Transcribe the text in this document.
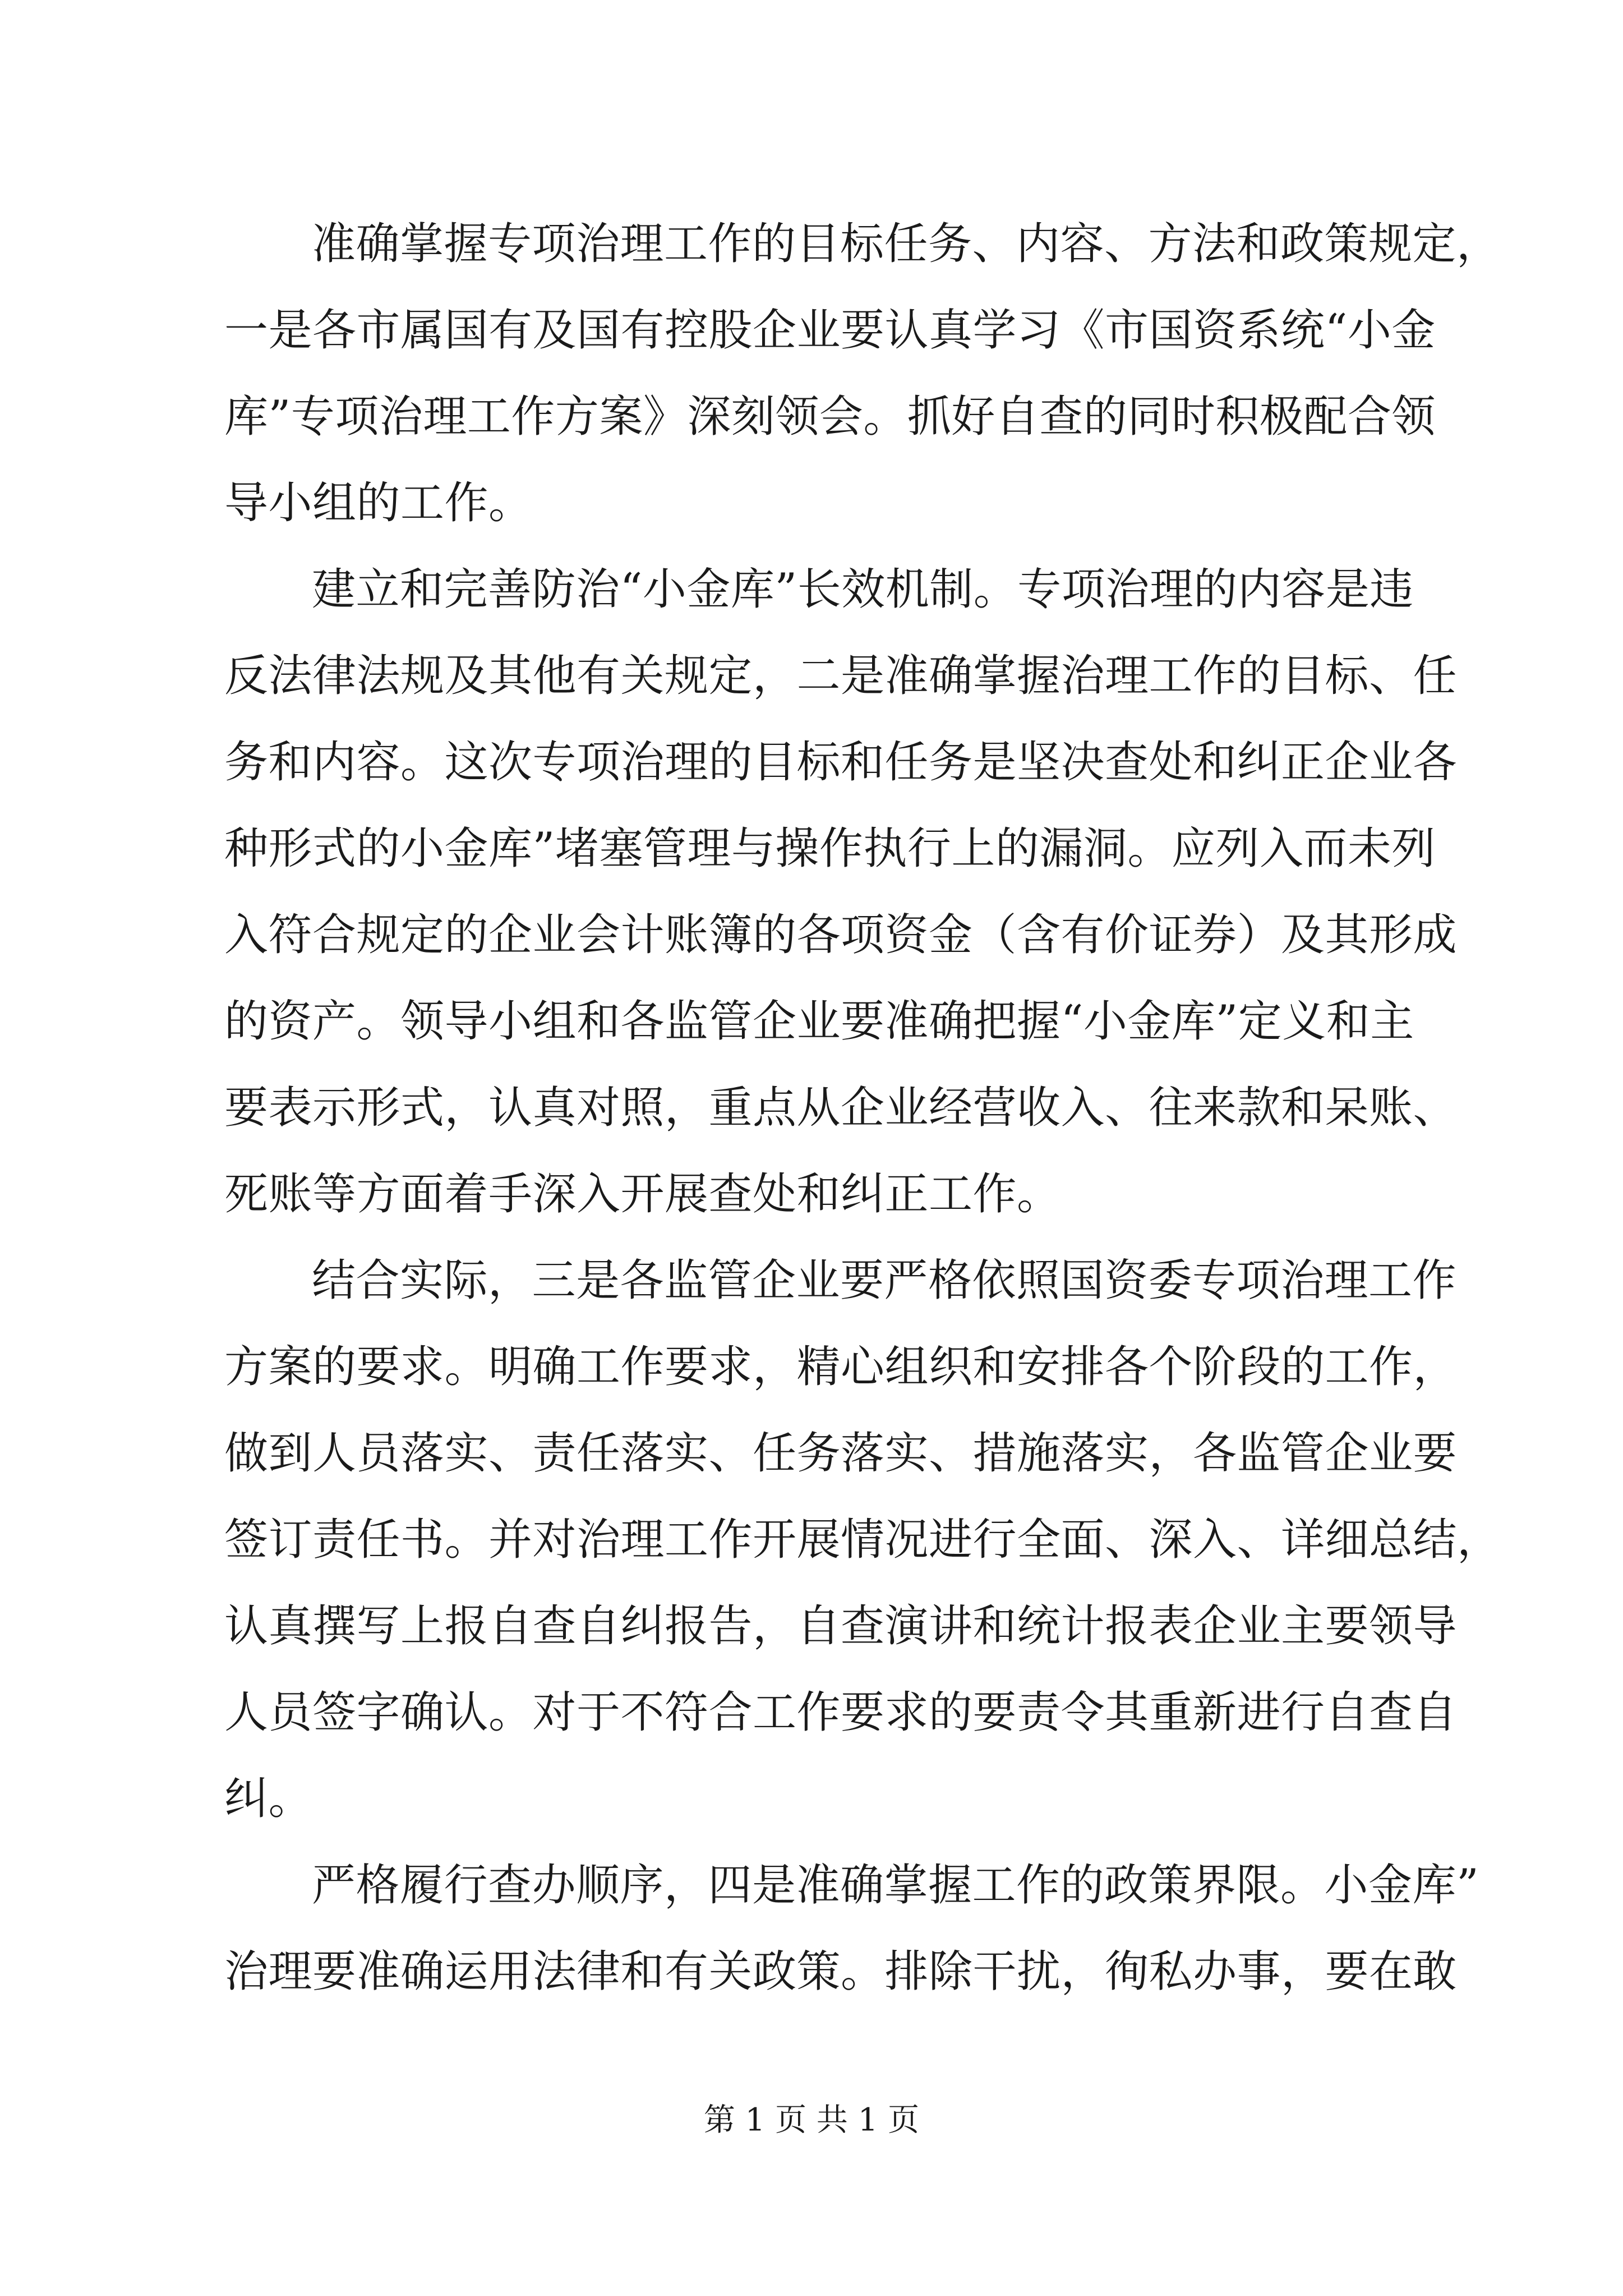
准确掌握专项治理工作的目标任务、内容、方法和政策规定，
一是各市属国有及国有控股企业要认真学习《市国资系统“小金
库”专项治理工作方案》深刻领会。抓好自查的同时积极配合领
导小组的工作。
建立和完善防治“小金库”长效机制。专项治理的内容是违
反法律法规及其他有关规定，二是准确掌握治理工作的目标、任
务和内容。这次专项治理的目标和任务是坚决查处和纠正企业各
种形式的小金库”堵塞管理与操作执行上的漏洞。应列入而未列
入符合规定的企业会计账簿的各项资金（含有价证券）及其形成
的资产。领导小组和各监管企业要准确把握“小金库”定义和主
要表示形式，认真对照，重点从企业经营收入、往来款和呆账、
死账等方面着手深入开展查处和纠正工作。
结合实际，三是各监管企业要严格依照国资委专项治理工作
方案的要求。明确工作要求，精心组织和安排各个阶段的工作，
做到人员落实、责任落实、任务落实、措施落实，各监管企业要
签订责任书。并对治理工作开展情况进行全面、深入、详细总结，
认真撰写上报自查自纠报告，自查演讲和统计报表企业主要领导
人员签字确认。对于不符合工作要求的要责令其重新进行自查自
纠。
严格履行查办顺序，四是准确掌握工作的政策界限。小金库”
治理要准确运用法律和有关政策。排除干扰，徇私办事，要在敢
第 1 页 共 1 页
